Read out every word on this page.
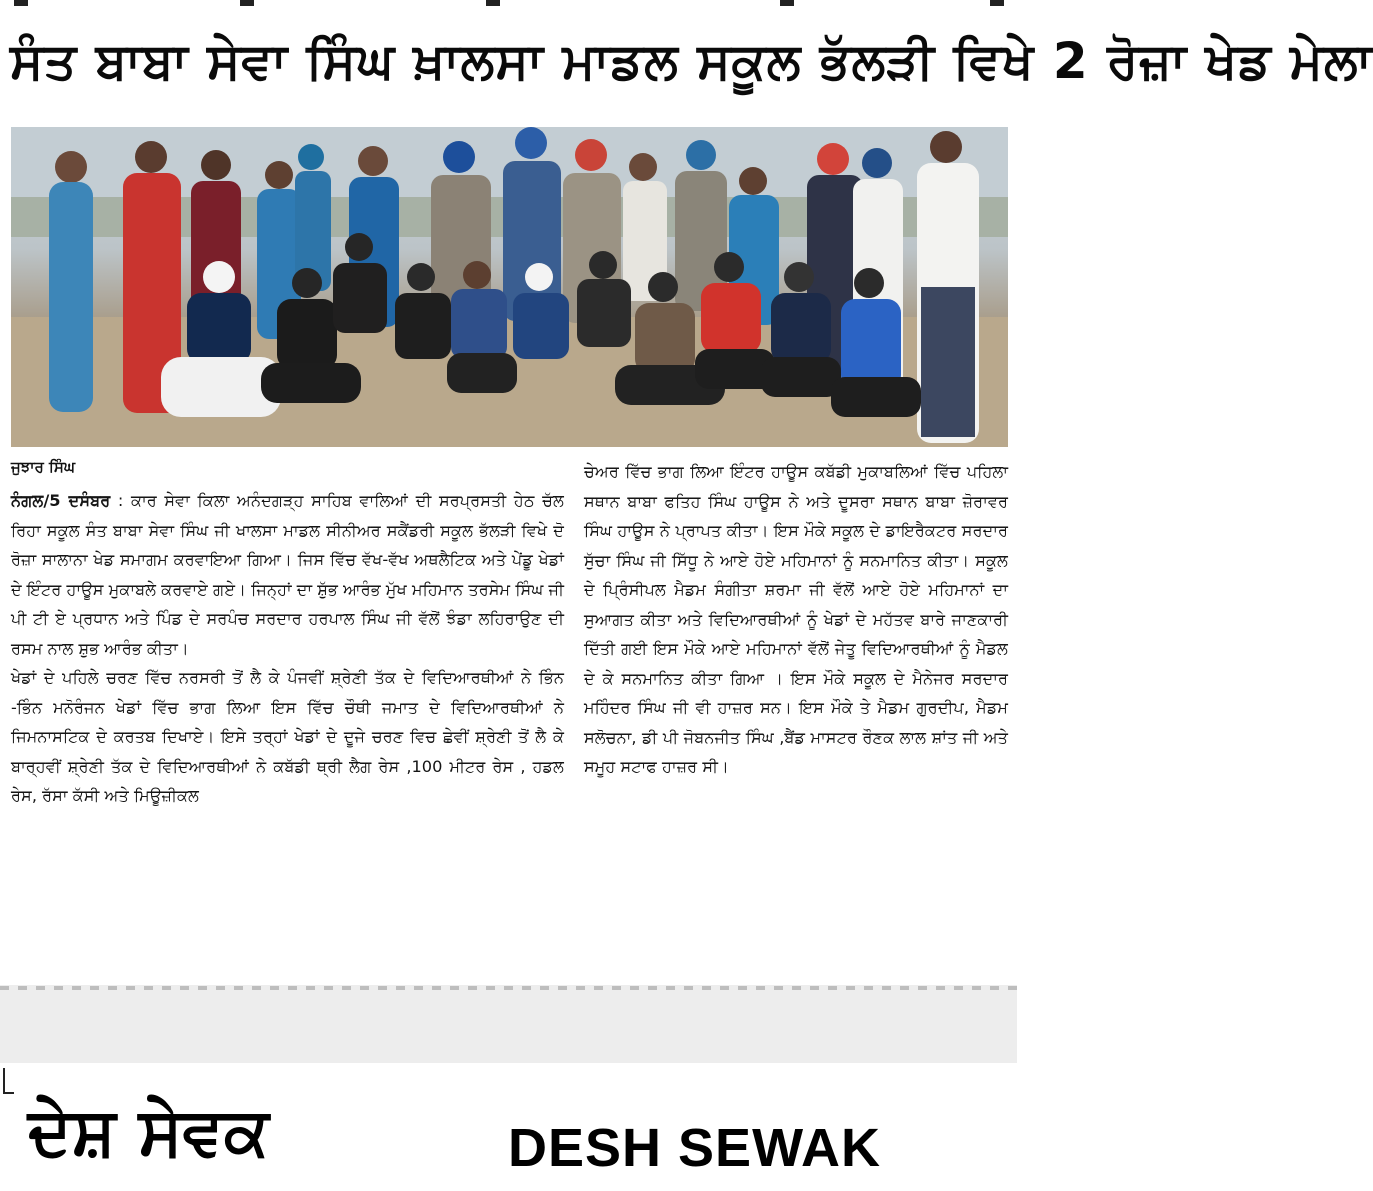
ਸੰਤ ਬਾਬਾ ਸੇਵਾ ਸਿੰਘ ਖ਼ਾਲਸਾ ਮਾਡਲ ਸਕੂਲ ਭੱਲੜੀ ਵਿਖੇ 2 ਰੋਜ਼ਾ ਖੇਡ ਮੇਲਾ
ਜੁਝਾਰ ਸਿੰਘ

ਨੰਗਲ/5 ਦਸੰਬਰ : ਕਾਰ ਸੇਵਾ ਕਿਲਾ ਅਨੰਦਗੜ੍ਹ ਸਾਹਿਬ ਵਾਲਿਆਂ ਦੀ ਸਰਪ੍ਰਸਤੀ ਹੇਠ ਚੱਲ ਰਿਹਾ ਸਕੂਲ ਸੰਤ ਬਾਬਾ ਸੇਵਾ ਸਿੰਘ ਜੀ ਖਾਲਸਾ ਮਾਡਲ ਸੀਨੀਅਰ ਸਕੈਂਡਰੀ ਸਕੂਲ ਭੱਲੜੀ ਵਿਖੇ ਦੋ ਰੋਜ਼ਾ ਸਾਲਾਨਾ ਖੇਡ ਸਮਾਗਮ ਕਰਵਾਇਆ ਗਿਆ। ਜਿਸ ਵਿੱਚ ਵੱਖ-ਵੱਖ ਅਥਲੈਟਿਕ ਅਤੇ ਪੇਂਡੂ ਖੇਡਾਂ ਦੇ ਇੰਟਰ ਹਾਊਸ ਮੁਕਾਬਲੇ ਕਰਵਾਏ ਗਏ। ਜਿਨ੍ਹਾਂ ਦਾ ਸ਼ੁੱਭ ਆਰੰਭ ਮੁੱਖ ਮਹਿਮਾਨ ਤਰਸੇਮ ਸਿੰਘ ਜੀ ਪੀ ਟੀ ਏ ਪ੍ਰਧਾਨ ਅਤੇ ਪਿੰਡ ਦੇ ਸਰਪੰਚ ਸਰਦਾਰ ਹਰਪਾਲ ਸਿੰਘ ਜੀ ਵੱਲੋਂ ਝੰਡਾ ਲਹਿਰਾਉਣ ਦੀ ਰਸਮ ਨਾਲ ਸ਼ੁਭ ਆਰੰਭ ਕੀਤਾ।

ਖੇਡਾਂ ਦੇ ਪਹਿਲੇ ਚਰਣ ਵਿੱਚ ਨਰਸਰੀ ਤੋਂ ਲੈ ਕੇ ਪੰਜਵੀਂ ਸ਼੍ਰੇਣੀ ਤੱਕ ਦੇ ਵਿਦਿਆਰਥੀਆਂ ਨੇ ਭਿੰਨ -ਭਿੰਨ ਮਨੋਰੰਜਨ ਖੇਡਾਂ ਵਿੱਚ ਭਾਗ ਲਿਆ ਇਸ ਵਿੱਚ ਚੌਥੀ ਜਮਾਤ ਦੇ ਵਿਦਿਆਰਥੀਆਂ ਨੇ ਜਿਮਨਾਸਟਿਕ ਦੇ ਕਰਤਬ ਦਿਖਾਏ। ਇਸੇ ਤਰ੍ਹਾਂ ਖੇਡਾਂ ਦੇ ਦੂਜੇ ਚਰਣ ਵਿਚ ਛੇਵੀਂ ਸ਼੍ਰੇਣੀ ਤੋਂ ਲੈ ਕੇ ਬਾਰ੍ਹਵੀਂ ਸ਼੍ਰੇਣੀ ਤੱਕ ਦੇ ਵਿਦਿਆਰਥੀਆਂ ਨੇ ਕਬੱਡੀ ਥ੍ਰੀ ਲੈਗ ਰੇਸ ,100 ਮੀਟਰ ਰੇਸ , ਹਡਲ ਰੇਸ, ਰੱਸਾ ਕੱਸੀ ਅਤੇ ਮਿਊਜ਼ੀਕਲ

ਚੇਅਰ ਵਿੱਚ ਭਾਗ ਲਿਆ ਇੰਟਰ ਹਾਊਸ ਕਬੱਡੀ ਮੁਕਾਬਲਿਆਂ ਵਿੱਚ ਪਹਿਲਾ ਸਥਾਨ ਬਾਬਾ ਫਤਿਹ ਸਿੰਘ ਹਾਊਸ ਨੇ ਅਤੇ ਦੂਸਰਾ ਸਥਾਨ ਬਾਬਾ ਜ਼ੋਰਾਵਰ ਸਿੰਘ ਹਾਊਸ ਨੇ ਪ੍ਰਾਪਤ ਕੀਤਾ। ਇਸ ਮੌਕੇ ਸਕੂਲ ਦੇ ਡਾਇਰੈਕਟਰ ਸਰਦਾਰ ਸੁੱਚਾ ਸਿੰਘ ਜੀ ਸਿੱਧੂ ਨੇ ਆਏ ਹੋਏ ਮਹਿਮਾਨਾਂ ਨੂੰ ਸਨਮਾਨਿਤ ਕੀਤਾ। ਸਕੂਲ ਦੇ ਪ੍ਰਿੰਸੀਪਲ ਮੈਡਮ ਸੰਗੀਤਾ ਸ਼ਰਮਾ ਜੀ ਵੱਲੋਂ ਆਏ ਹੋਏ ਮਹਿਮਾਨਾਂ ਦਾ ਸੁਆਗਤ ਕੀਤਾ ਅਤੇ ਵਿਦਿਆਰਥੀਆਂ ਨੂੰ ਖੇਡਾਂ ਦੇ ਮਹੱਤਵ ਬਾਰੇ ਜਾਣਕਾਰੀ ਦਿੱਤੀ ਗਈ ਇਸ ਮੌਕੇ ਆਏ ਮਹਿਮਾਨਾਂ ਵੱਲੋਂ ਜੇਤੂ ਵਿਦਿਆਰਥੀਆਂ ਨੂੰ ਮੈਡਲ ਦੇ ਕੇ ਸਨਮਾਨਿਤ ਕੀਤਾ ਗਿਆ । ਇਸ ਮੌਕੇ ਸਕੂਲ ਦੇ ਮੈਨੇਜਰ ਸਰਦਾਰ ਮਹਿੰਦਰ ਸਿੰਘ ਜੀ ਵੀ ਹਾਜ਼ਰ ਸਨ। ਇਸ ਮੌਕੇ ਤੇ ਮੈਡਮ ਗੁਰਦੀਪ, ਮੈਡਮ ਸਲੋਚਨਾ, ਡੀ ਪੀ ਜੋਬਨਜੀਤ ਸਿੰਘ ,ਬੈਂਡ ਮਾਸਟਰ ਰੌਣਕ ਲਾਲ ਸ਼ਾਂਤ ਜੀ ਅਤੇ ਸਮੂਹ ਸਟਾਫ ਹਾਜ਼ਰ ਸੀ।

ਦੇਸ਼ ਸੇਵਕ	DESH SEWAK
